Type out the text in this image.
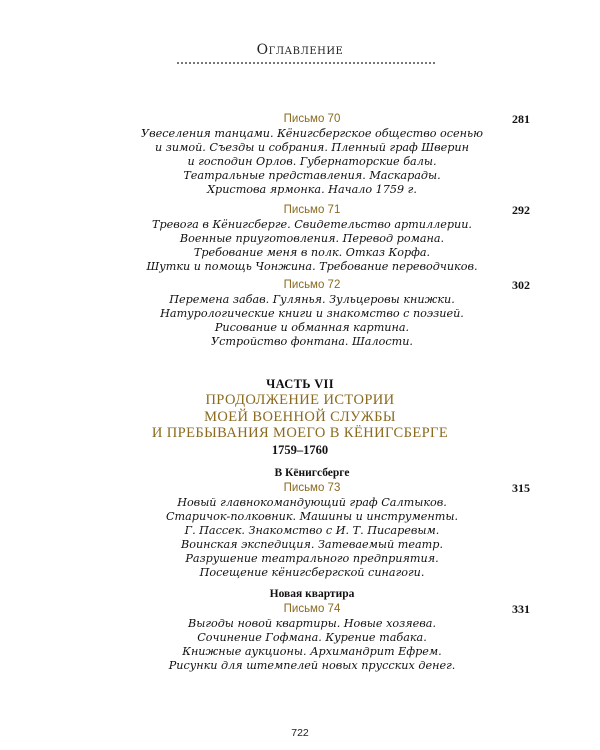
Оглавление
Письмо 70	281
Увеселения танцами. Кёнигсбергское общество осенью
и зимой. Съезды и собрания. Пленный граф Шверин
и господин Орлов. Губернаторские балы.
Театральные представления. Маскарады.
Христова ярмонка. Начало 1759 г.
Письмо 71	292
Тревога в Кёнигсберге. Свидетельство артиллерии.
Военные приуготовления. Перевод романа.
Требование меня в полк. Отказ Корфа.
Шутки и помощь Чонжина. Требование переводчиков.
Письмо 72	302
Перемена забав. Гулянья. Зульцеровы книжки.
Натурологические книги и знакомство с поэзией.
Рисование и обманная картина.
Устройство фонтана. Шалости.
ЧАСТЬ VII
ПРОДОЛЖЕНИЕ ИСТОРИИ
МОЕЙ ВОЕННОЙ СЛУЖБЫ
И ПРЕБЫВАНИЯ МОЕГО В КЁНИГСБЕРГЕ
1759–1760
В Кёнигсберге
Письмо 73	315
Новый главнокомандующий граф Салтыков.
Старичок-полковник. Машины и инструменты.
Г. Пассек. Знакомство с И. Т. Писаревым.
Воинская экспедиция. Затеваемый театр.
Разрушение театрального предприятия.
Посещение кёнигсбергской синагоги.
Новая квартира
Письмо 74	331
Выгоды новой квартиры. Новые хозяева.
Сочинение Гофмана. Курение табака.
Книжные аукционы. Архимандрит Ефрем.
Рисунки для штемпелей новых прусских денег.
722
